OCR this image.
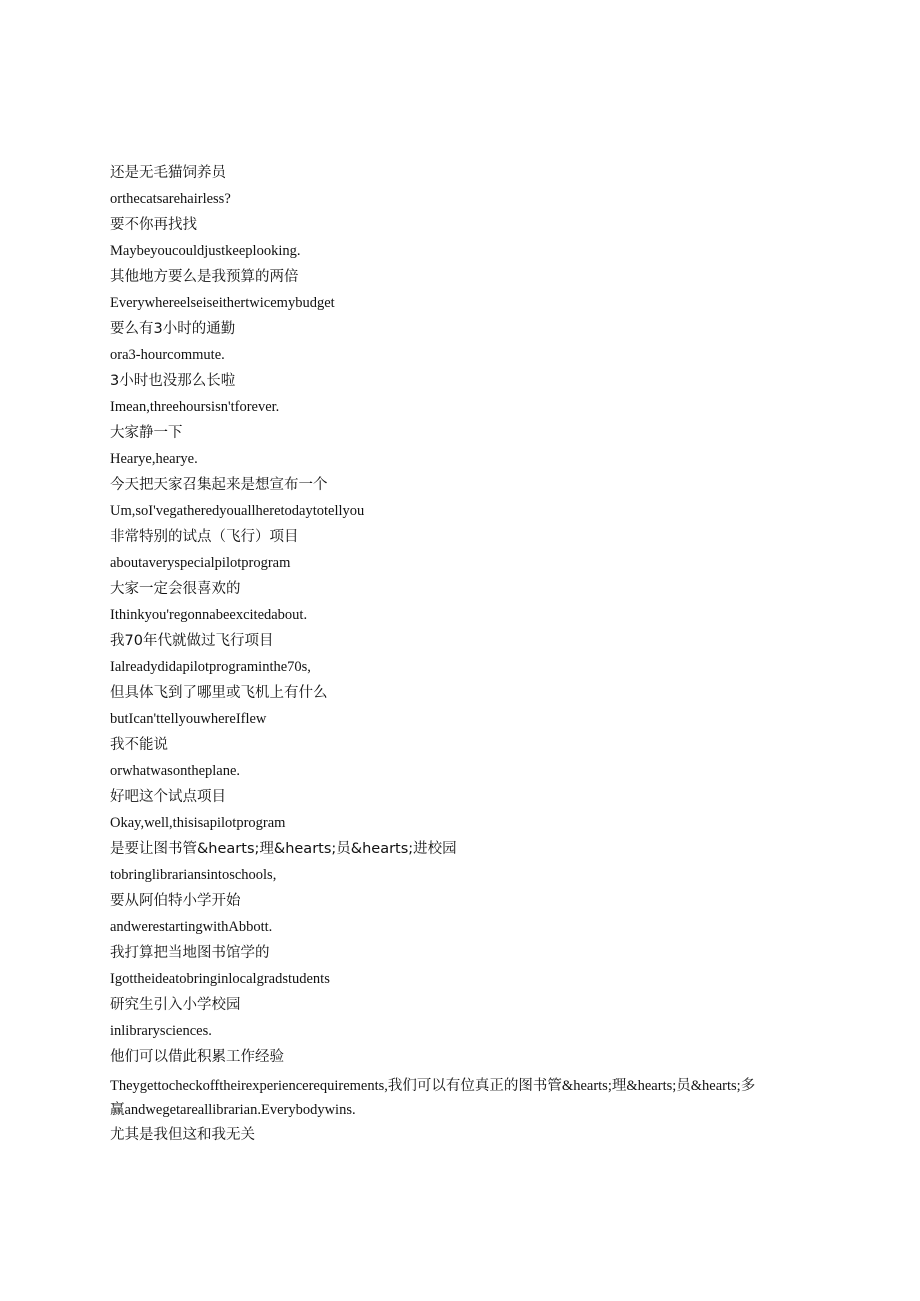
还是无毛猫饲养员

orthecatsarehairless?

要不你再找找

Maybeyoucouldjustkeeplooking.

其他地方要么是我预算的两倍

Everywhereelseiseithertwicemybudget

要么有3小时的通勤

ora3-hourcommute.

3小时也没那么长啦

Imean,threehoursisn'tforever.

大家静一下

Hearye,hearye.

今天把天家召集起来是想宣布一个

Um,soI'vegatheredyouallheretodaytotellyou

非常特别的试点（飞行）项目

aboutaveryspecialpilotprogram

大家一定会很喜欢的

Ithinkyou'regonnabeexcitedabout.

我70年代就做过飞行项目

Ialreadydidapilotprograminthe70s,

但具体飞到了哪里或飞机上有什么

butIcan'ttellyouwhereIflew

我不能说

orwhatwasontheplane.

好吧这个试点项目

Okay,well,thisisapilotprogram

是要让图书管&hearts;理&hearts;员&hearts;进校园

tobringlibrariansintoschools,

要从阿伯特小学开始

andwerestartingwithAbbott.

我打算把当地图书馆学的

Igottheideatobringinlocalgradstudents

研究生引入小学校园

inlibrarysciences.

他们可以借此积累工作经验

Theygettocheckofftheirexperiencerequirements,我们可以有位真正的图书管&hearts;理&hearts;员&hearts;多赢andwegetareallibrarian.Everybodywins.

尤其是我但这和我无关
